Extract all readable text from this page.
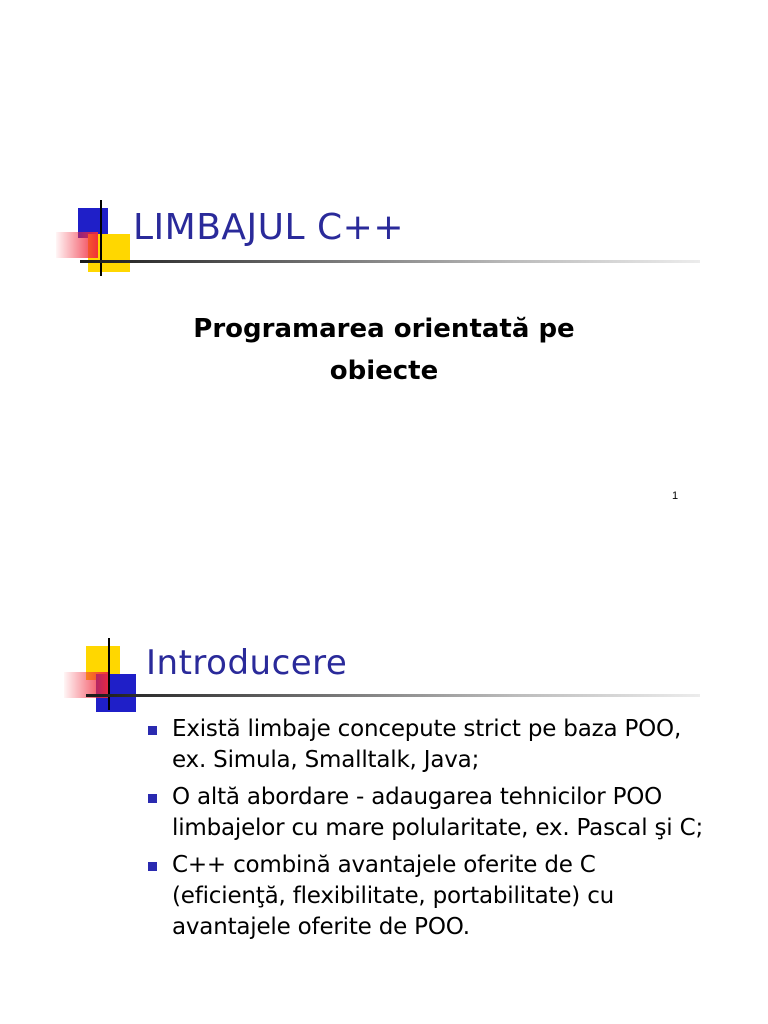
LIMBAJUL C++
Programarea orientată pe
obiecte
1
Introducere
Există limbaje concepute strict pe baza POO, ex. Simula, Smalltalk, Java;
O altă abordare - adaugarea tehnicilor POO limbajelor cu mare polularitate, ex. Pascal şi C;
C++ combină avantajele oferite de C (eficienţă, flexibilitate, portabilitate) cu avantajele oferite de POO.
